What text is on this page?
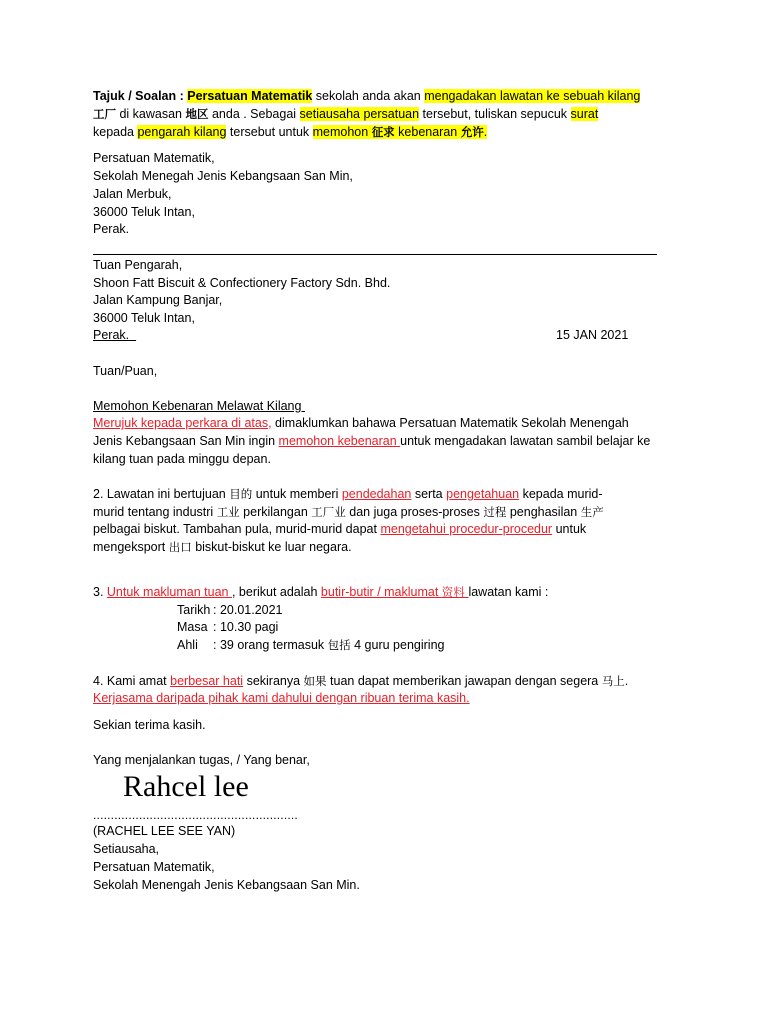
Tajuk / Soalan : Persatuan Matematik sekolah anda akan mengadakan lawatan ke sebuah kilang
工厂 di kawasan 地区 anda . Sebagai setiausaha persatuan tersebut, tuliskan sepucuk surat
kepada pengarah kilang tersebut untuk memohon 征求 kebenaran 允许.
Persatuan Matematik,
Sekolah Menegah Jenis Kebangsaan San Min,
Jalan Merbuk,
36000 Teluk Intan,
Perak.
Tuan Pengarah,
Shoon Fatt Biscuit & Confectionery Factory Sdn. Bhd.
Jalan Kampung Banjar,
36000 Teluk Intan,
Perak.	15 JAN 2021
Tuan/Puan,
Memohon Kebenaran Melawat Kilang
Merujuk kepada perkara di atas, dimaklumkan bahawa Persatuan Matematik Sekolah Menengah
Jenis Kebangsaan San Min ingin memohon kebenaran untuk mengadakan lawatan sambil belajar ke
kilang tuan pada minggu depan.
2. Lawatan ini bertujuan 目的 untuk memberi pendedahan serta pengetahuan kepada murid-
murid tentang industri 工业 perkilangan 工厂业 dan juga proses-proses 过程 penghasilan 生产
pelbagai biskut. Tambahan pula, murid-murid dapat mengetahui procedur-procedur untuk
mengeksport 出口 biskut-biskut ke luar negara.
3. Untuk makluman tuan , berikut adalah butir-butir / maklumat 资料 lawatan kami :
Tarikh : 20.01.2021
Masa : 10.30 pagi
Ahli : 39 orang termasuk 包括 4 guru pengiring
4. Kami amat berbesar hati sekiranya 如果 tuan dapat memberikan jawapan dengan segera 马上.
Kerjasama daripada pihak kami dahului dengan ribuan terima kasih.
Sekian terima kasih.
Yang menjalankan tugas, / Yang benar,
Rahcel lee
..........................................................
(RACHEL LEE SEE YAN)
Setiausaha,
Persatuan Matematik,
Sekolah Menengah Jenis Kebangsaan San Min.
